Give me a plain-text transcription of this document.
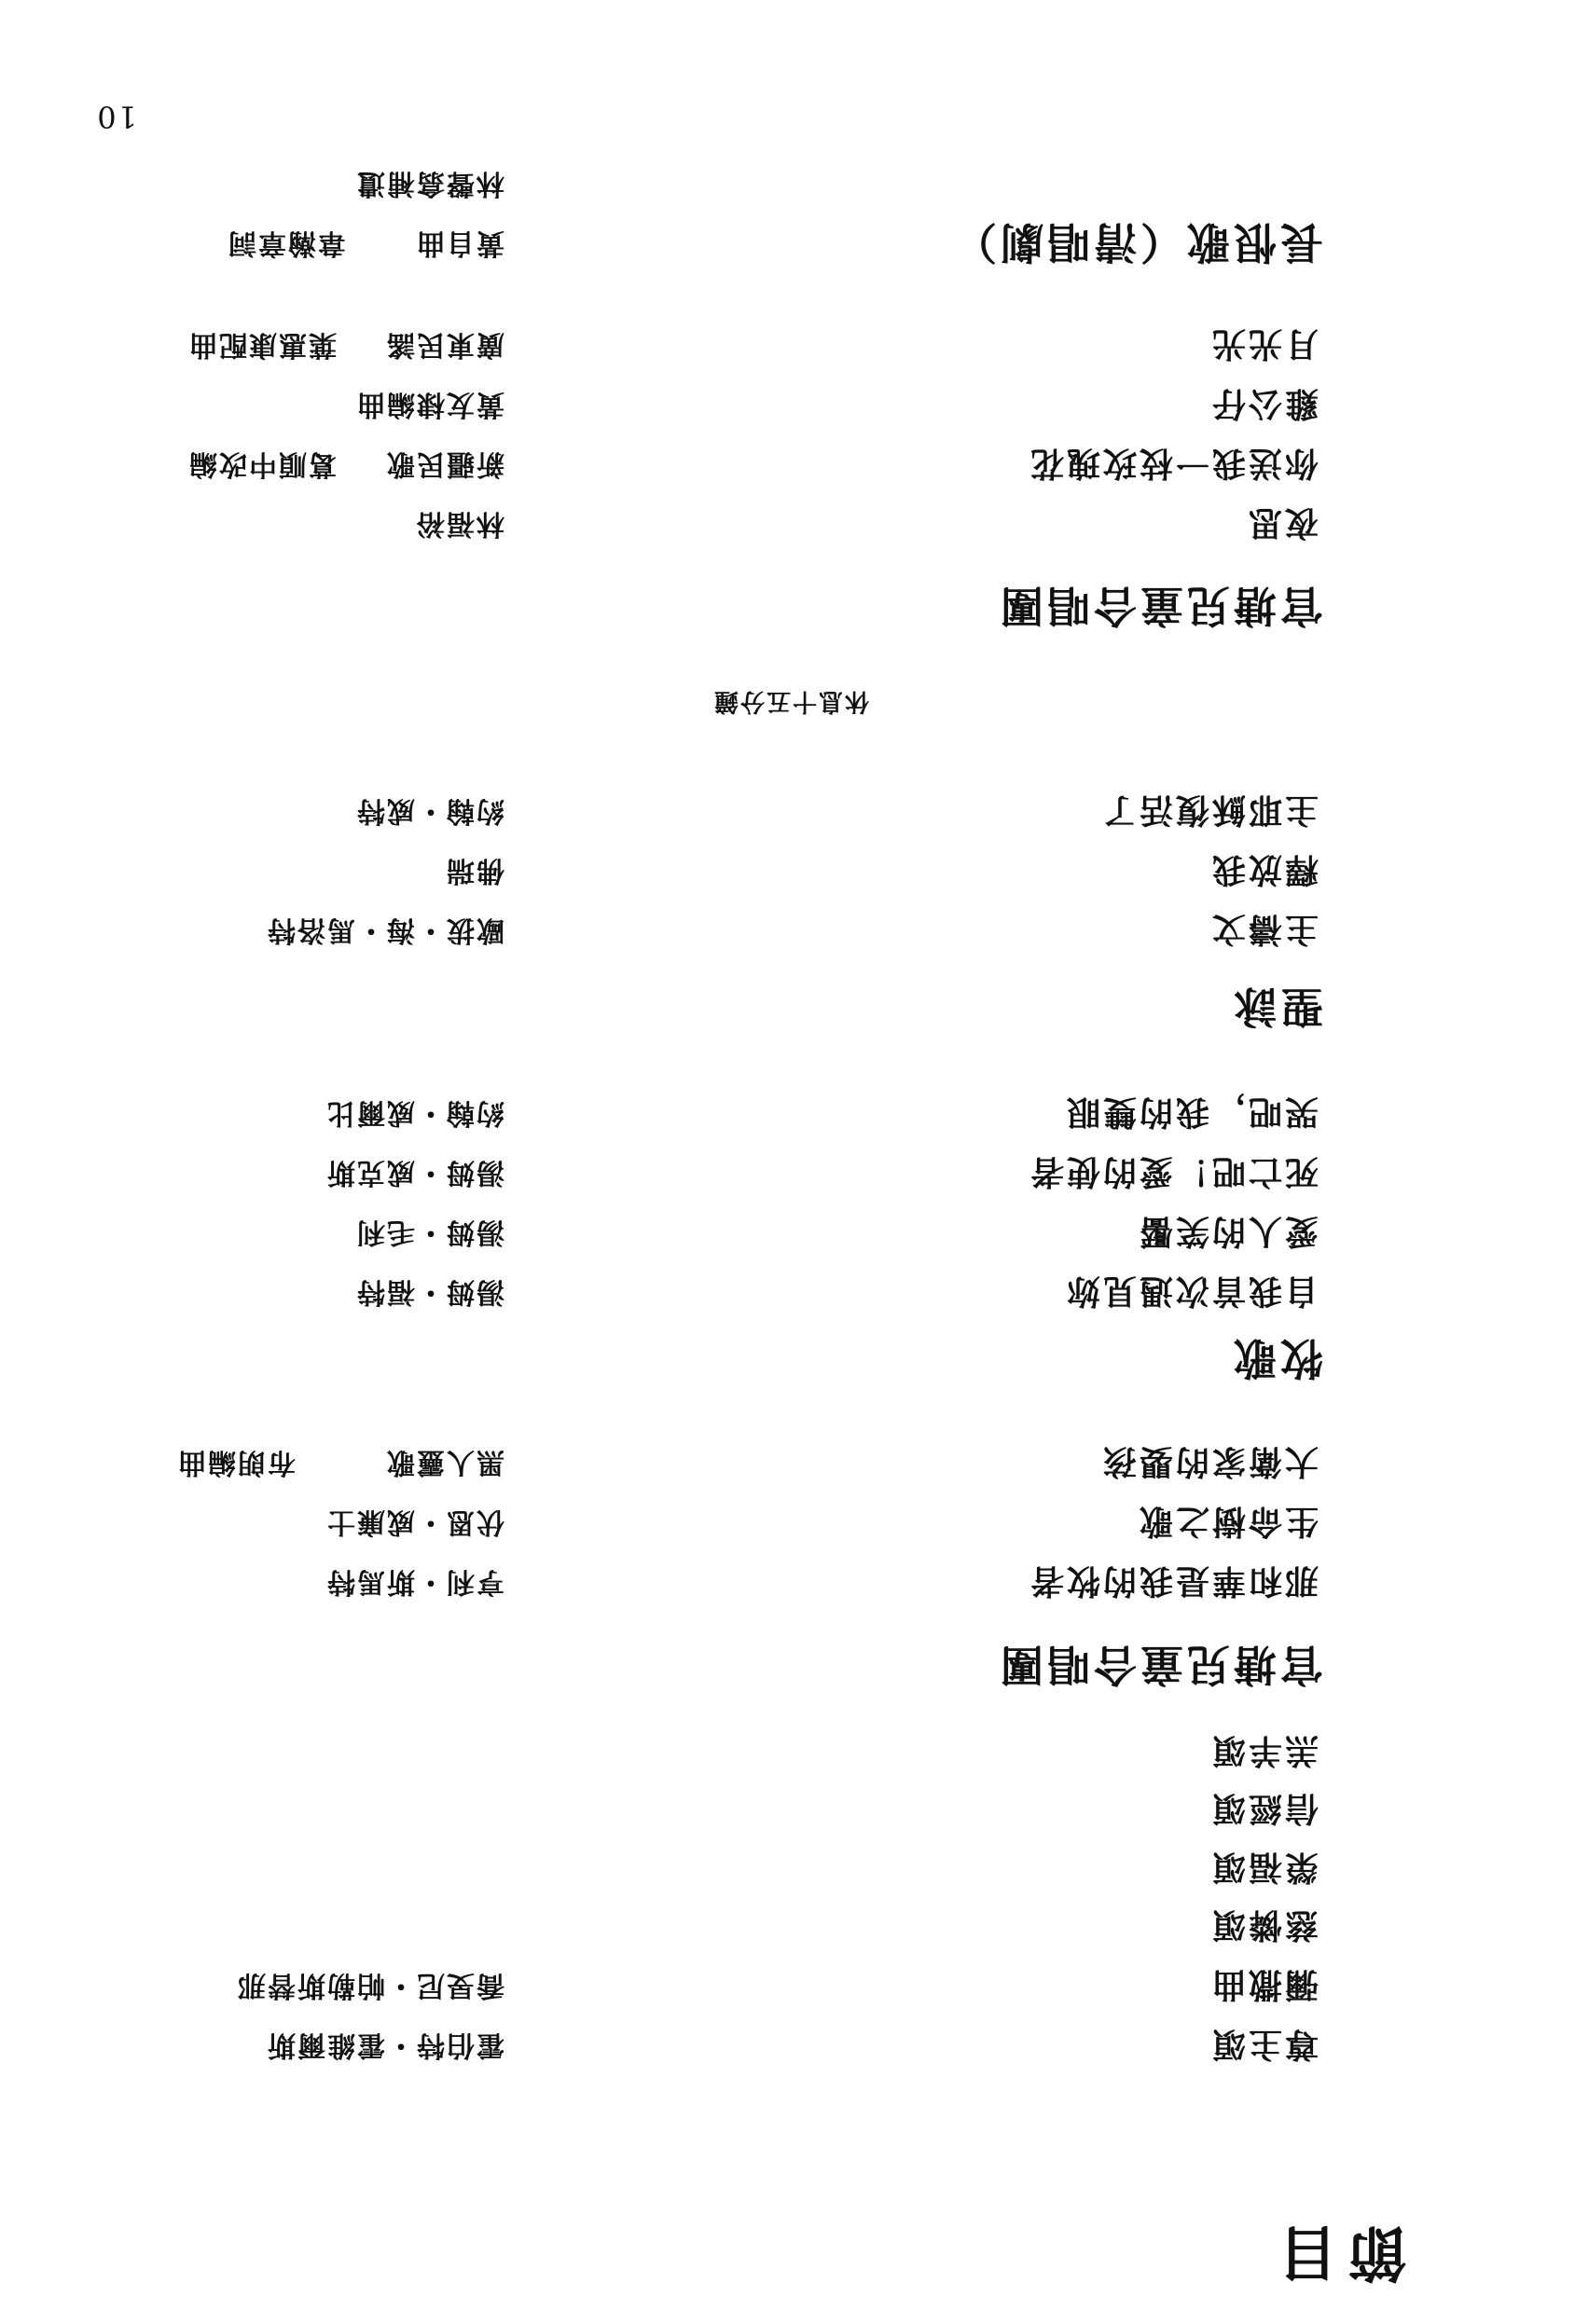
10
節目
尊主頌
霍伯特・霍維爾斯
彌撒曲
喬旻尼・帕勒斯替那
慈憐頌
榮福頌
信經頌
羔羊頌
官塘兒童合唱團
那和華是我的牧者
亨利・斯馬特
生命樹之歌
伏恩・威廉士
大衛家的嬰孩
黑人靈歌
布朗編曲
牧歌
自我首次遇見妳
湯姆・福特
愛人的笑靨
湯姆・毛利
死亡吧！愛的使者
湯姆・威克斯
哭吧，我的雙眼
約翰・威爾比
聖詠
主禱文
歐拔・海・馬洛特
釋放我
佛瑞
主耶穌復活了
約翰・威特
休息十五分鐘
官塘兒童合唱團
夜思
林福裕
你送我一枝玫瑰花
新疆民歌
葛順中改編
雞公仔
黃友棣編曲
月光光
廣東民謠
葉惠康配曲
長恨歌（清唱劇）
黃自曲
韋瀚章詞
林聲翕補遺
